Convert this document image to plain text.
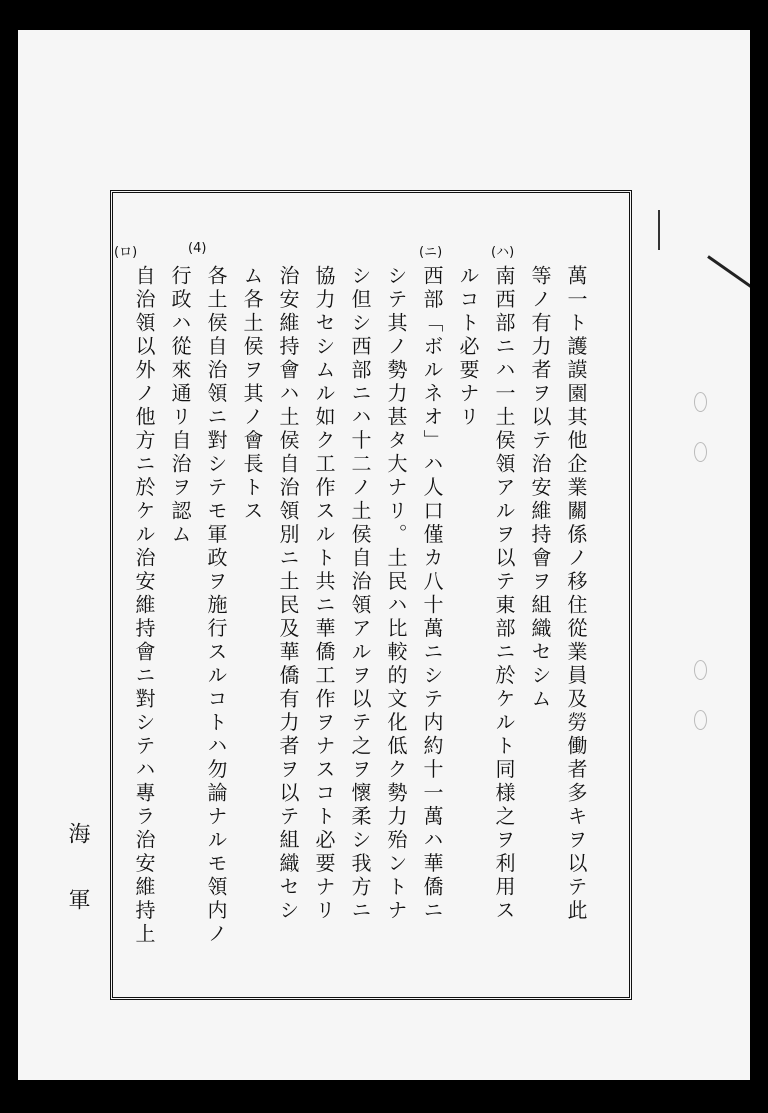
萬一ト護謨園其他企業關係ノ移住從業員及勞働者多キヲ以テ此
等ノ有力者ヲ以テ治安維持會ヲ組織セシム
南西部ニハ一土侯領アルヲ以テ東部ニ於ケルト同様之ヲ利用ス
ルコト必要ナリ
西部「ボルネオ」ハ人口僅カ八十萬ニシテ内約十一萬ハ華僑ニ
シテ其ノ勢力甚タ大ナリ。土民ハ比較的文化低ク勢力殆ントナ
シ但シ西部ニハ十二ノ土侯自治領アルヲ以テ之ヲ懷柔シ我方ニ
協力セシムル如ク工作スルト共ニ華僑工作ヲナスコト必要ナリ
治安維持會ハ土侯自治領別ニ土民及華僑有力者ヲ以テ組織セシ
ム各土侯ヲ其ノ會長トス
各土侯自治領ニ對シテモ軍政ヲ施行スルコトハ勿論ナルモ領内ノ
行政ハ從來通リ自治ヲ認ム
自治領以外ノ他方ニ於ケル治安維持會ニ對シテハ專ラ治安維持上
(ハ)
(ニ)
(4)
(ロ)
海軍
